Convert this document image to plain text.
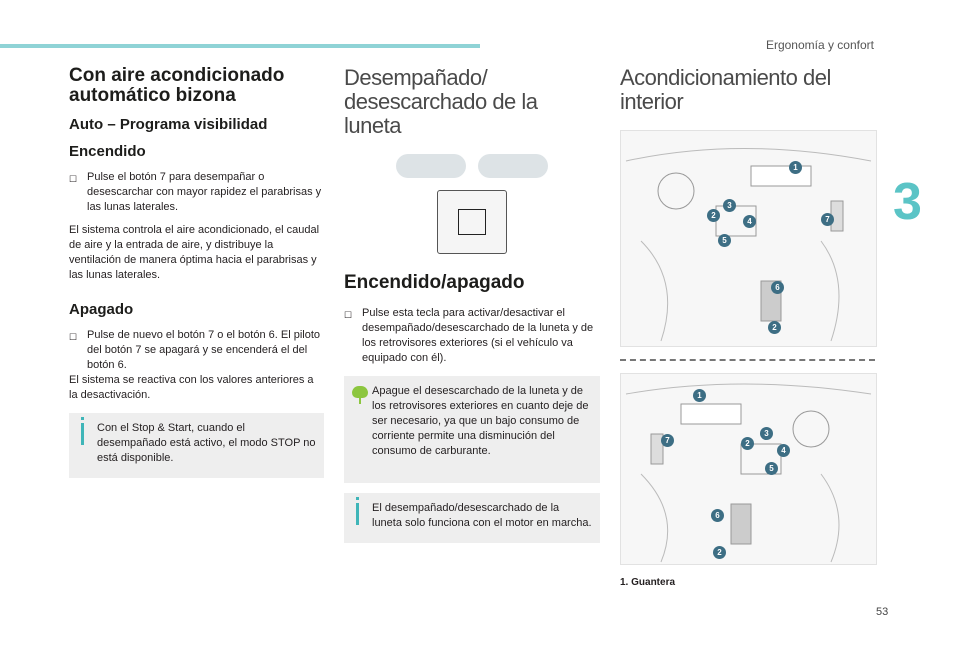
Ergonomía y confort
3
53
Con aire acondicionado automático bizona
Auto – Programa visibilidad
Encendido
☐ Pulse el botón 7 para desempañar o desescarchar con mayor rapidez el parabrisas y las lunas laterales.

El sistema controla el aire acondicionado, el caudal de aire y la entrada de aire, y distribuye la ventilación de manera óptima hacia el parabrisas y las lunas laterales.

Apagado
☐ Pulse de nuevo el botón 7 o el botón 6. El piloto del botón 7 se apagará y se encenderá el del botón 6.

El sistema se reactiva con los valores anteriores a la desactivación.

Con el Stop & Start, cuando el desempañado está activo, el modo STOP no está disponible.
Desempañado/ desescarchado de la luneta
Encendido/apagado
☐ Pulse esta tecla para activar/desactivar el desempañado/desescarchado de la luneta y de los retrovisores exteriores (si el vehículo va equipado con él).
Apague el desescarchado de la luneta y de los retrovisores exteriores en cuanto deje de ser necesario, ya que un bajo consumo de corriente permite una disminución del consumo de carburante.
El desempañado/desescarchado de la luneta solo funciona con el motor en marcha.
Acondicionamiento del interior
1
2
3
4
5
6
7
2
1
2
3
4
5
6
7
2
1. Guantera
